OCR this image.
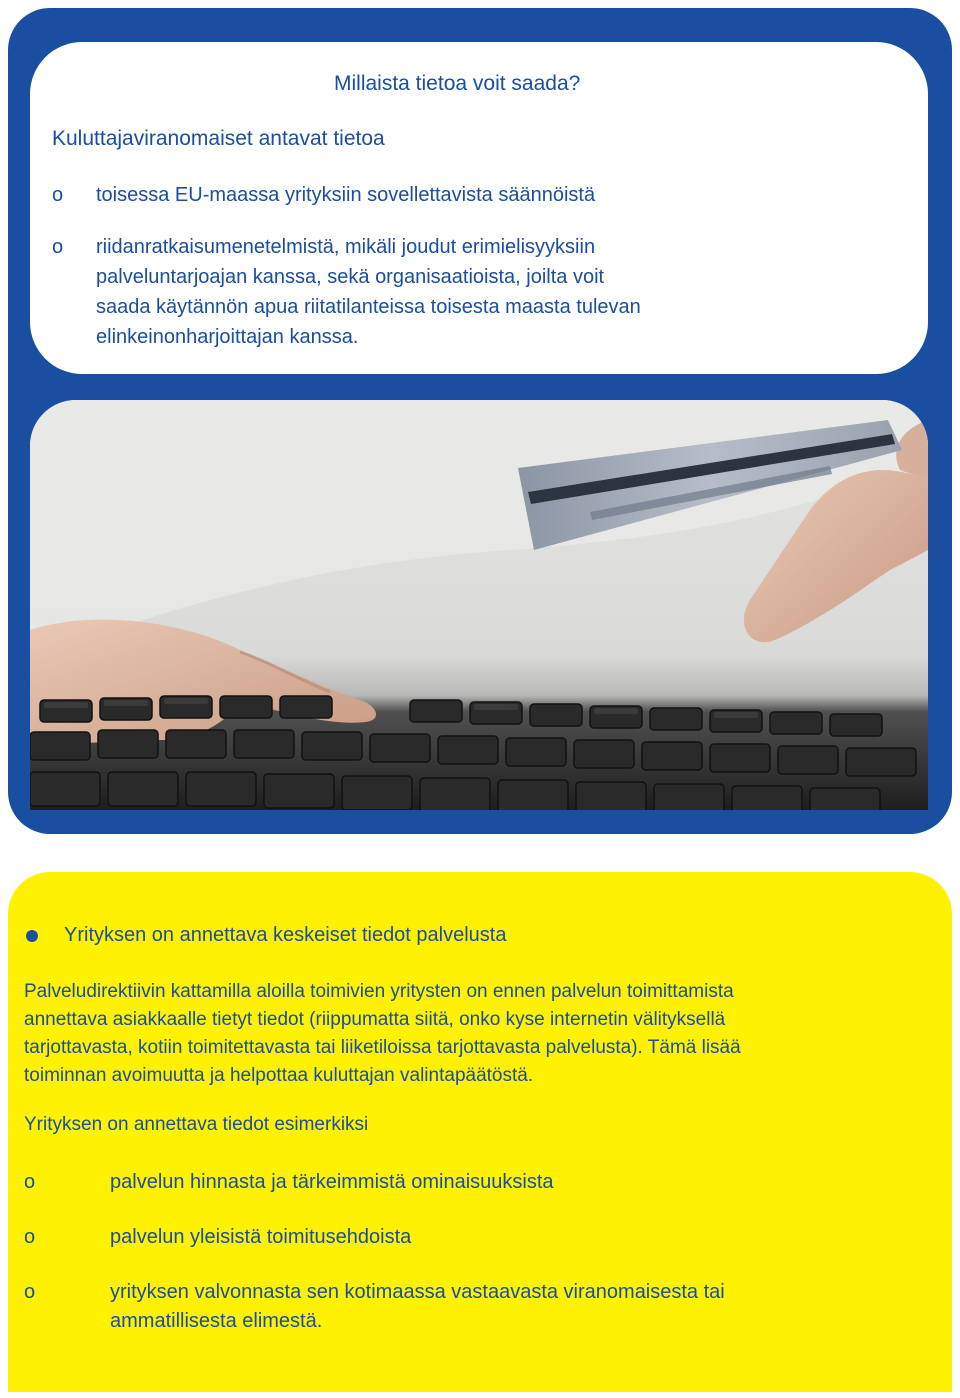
Millaista tietoa voit saada?

Kuluttajaviranomaiset antavat tietoa

o toisessa EU-maassa yrityksiin sovellettavista säännöistä
o riidanratkaisumenetelmistä, mikäli joudut erimielisyyksiin
palveluntarjoajan kanssa, sekä organisaatioista, joilta voit
saada käytännön apua riitatilanteissa toisesta maasta tulevan
elinkeinonharjoittajan kanssa.
Yrityksen on annettava keskeiset tiedot palvelusta

Palveludirektiivin kattamilla aloilla toimivien yritysten on ennen palvelun toimittamista
annettava asiakkaalle tietyt tiedot (riippumatta siitä, onko kyse internetin välityksellä
tarjottavasta, kotiin toimitettavasta tai liiketiloissa tarjottavasta palvelusta). Tämä lisää
toiminnan avoimuutta ja helpottaa kuluttajan valintapäätöstä.

Yrityksen on annettava tiedot esimerkiksi

o	palvelun hinnasta ja tärkeimmistä ominaisuuksista
o	palvelun yleisistä toimitusehdoista
o	yrityksen valvonnasta sen kotimaassa vastaavasta viranomaisesta tai
ammatillisesta elimestä.
